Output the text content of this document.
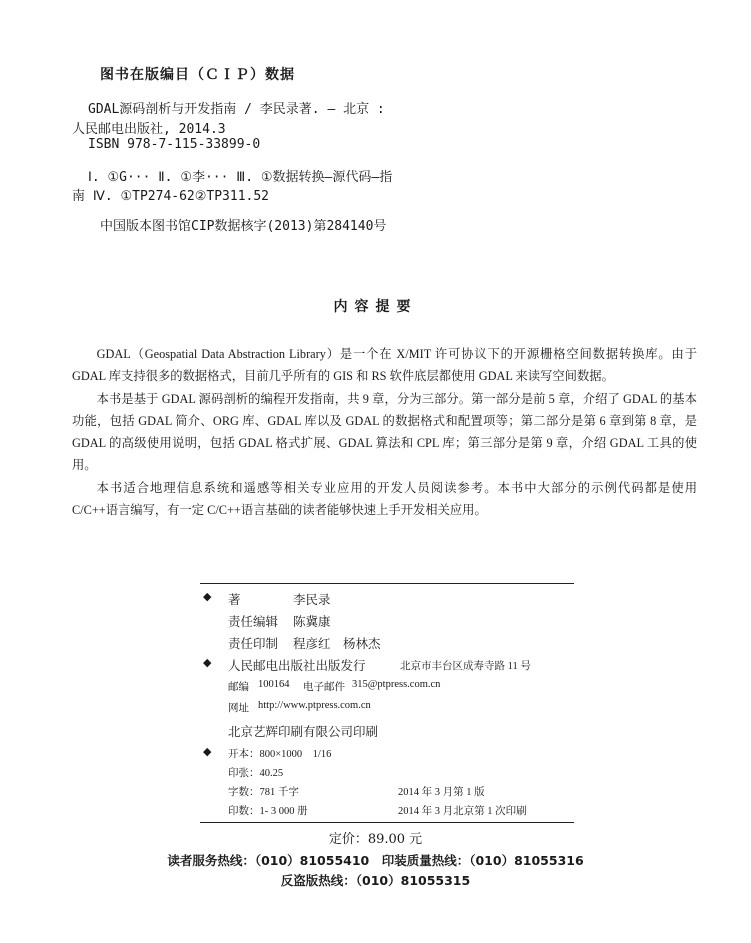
图书在版编目（ＣＩＰ）数据
GDAL源码剖析与开发指南 / 李民录著. — 北京 :
人民邮电出版社, 2014.3
ISBN 978-7-115-33899-0
Ⅰ. ①G··· Ⅱ. ①李··· Ⅲ. ①数据转换—源代码—指
南 Ⅳ. ①TP274-62②TP311.52
中国版本图书馆CIP数据核字(2013)第284140号
内容提要

GDAL（Geospatial Data Abstraction Library）是一个在 X/MIT 许可协议下的开源栅格空间数据转换库。由于 GDAL 库支持很多的数据格式，目前几乎所有的 GIS 和 RS 软件底层都使用 GDAL 来读写空间数据。

本书是基于 GDAL 源码剖析的编程开发指南，共 9 章，分为三部分。第一部分是前 5 章，介绍了 GDAL 的基本功能，包括 GDAL 简介、ORG 库、GDAL 库以及 GDAL 的数据格式和配置项等；第二部分是第 6 章到第 8 章，是 GDAL 的高级使用说明，包括 GDAL 格式扩展、GDAL 算法和 CPL 库；第三部分是第 9 章，介绍 GDAL 工具的使用。

本书适合地理信息系统和遥感等相关专业应用的开发人员阅读参考。本书中大部分的示例代码都是使用 C/C++语言编写，有一定 C/C++语言基础的读者能够快速上手开发相关应用。

◆ 著	李民录
责任编辑 陈冀康
责任印制 程彦红　杨林杰
◆ 人民邮电出版社出版发行	北京市丰台区成寿寺路 11 号
邮编 100164 电子邮件 315@ptpress.com.cn
网址 http://www.ptpress.com.cn
北京艺辉印刷有限公司印刷
◆ 开本：800×1000　1/16
印张：40.25
字数：781 千字	2014 年 3 月第 1 版
印数：1- 3 000 册	2014 年 3 月北京第 1 次印刷
定价：89.00 元
读者服务热线：（010）81055410　印装质量热线：（010）81055316
反盗版热线：（010）81055315
